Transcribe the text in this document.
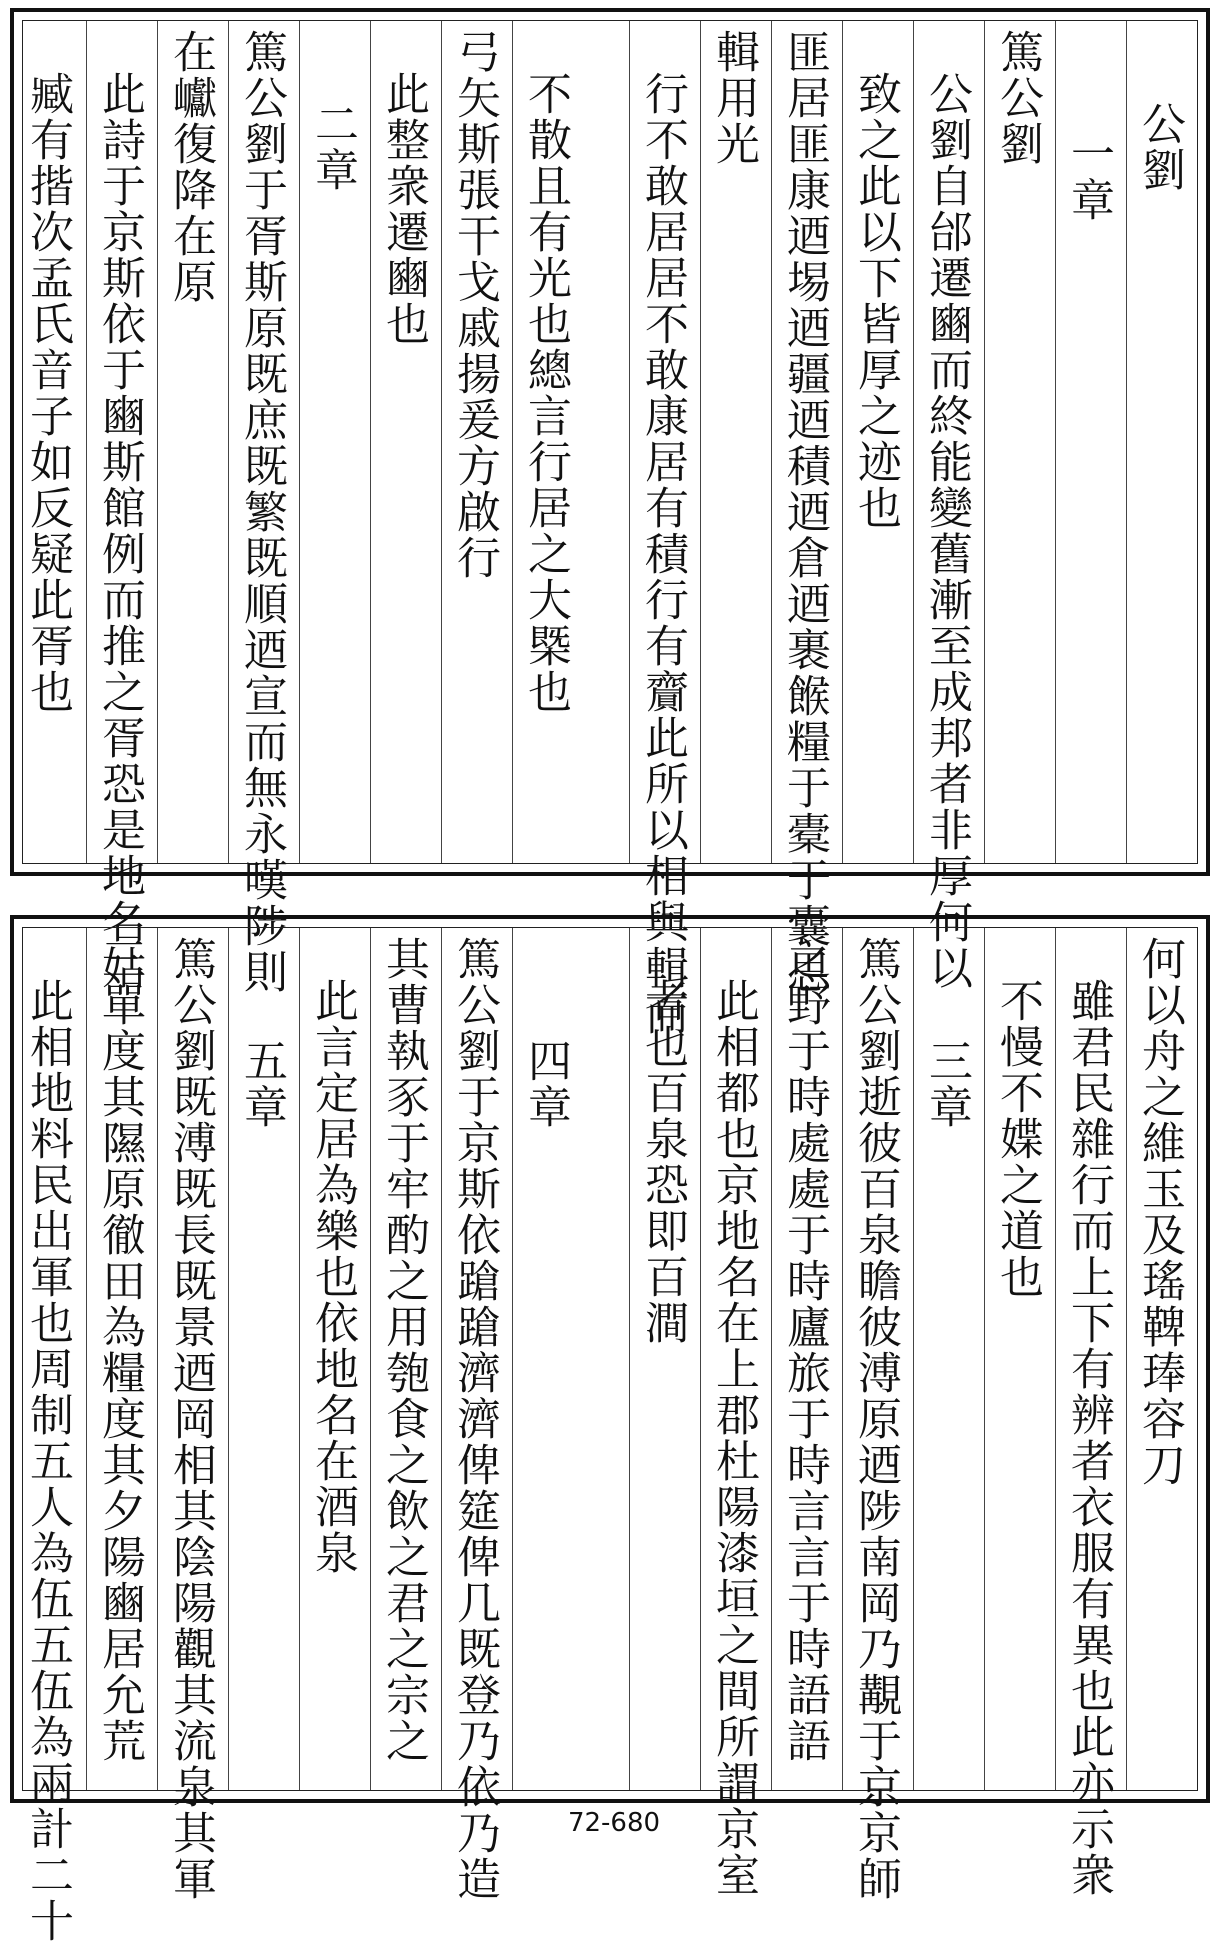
公劉
一章
篤公劉
公劉自邰遷豳而終能變舊漸至成邦者非厚何以
致之此以下皆厚之迹也
匪居匪康迺埸迺疆迺積迺倉迺裹餱糧于橐于囊思
輯用光
行不敢居居不敢康居有積行有齎此所以相與輯而
不散且有光也總言行居之大槩也
弓矢斯張干戈戚揚爰方啟行
此整衆遷豳也
二章
篤公劉于胥斯原既庶既繁既順迺宣而無永嘆陟則
在巘復降在原
此詩于京斯依于豳斯館例而推之胥恐是地名姑
臧有揩次孟氏音子如反疑此胥也
何以舟之維玉及瑤鞞琫容刀
雖君民雜行而上下有辨者衣服有異也此亦示衆
不慢不媟之道也
三章
篤公劉逝彼百泉瞻彼溥原迺陟南岡乃覯于京京師
之野于時處處于時廬旅于時言言于時語語
此相都也京地名在上郡杜陽漆垣之間所謂京室
者也百泉恐即百澗
四章
篤公劉于京斯依蹌蹌濟濟俾筵俾几既登乃依乃造
其曹執豕于牢酌之用匏食之飲之君之宗之
此言定居為樂也依地名在酒泉
五章
篤公劉既溥既長既景迺岡相其陰陽觀其流泉其軍
三單度其隰原徹田為糧度其夕陽豳居允荒
此相地料民出軍也周制五人為伍五伍為兩計二十	72-680
